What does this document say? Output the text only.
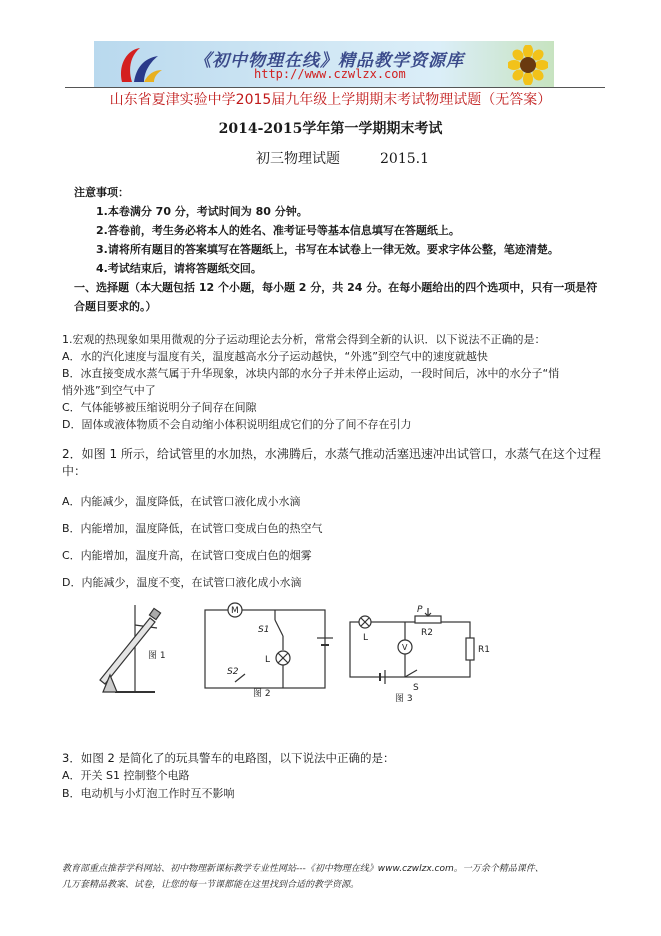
《初中物理在线》精品教学资源库
http://www.czwlzx.com
山东省夏津实验中学2015届九年级上学期期末考试物理试题（无答案）
2014-2015学年第一学期期末考试
初三物理试题	2015.1
注意事项：
1.本卷满分 70 分，考试时间为 80 分钟。
2.答卷前，考生务必将本人的姓名、准考证号等基本信息填写在答题纸上。
3.请将所有题目的答案填写在答题纸上，书写在本试卷上一律无效。要求字体公整，笔迹清楚。
4.考试结束后，请将答题纸交回。
一、选择题（本大题包括 12 个小题，每小题 2 分，共 24 分。在每小题给出的四个选项中，只有一项是符
合题目要求的。）
1.宏观的热现象如果用微观的分子运动理论去分析，常常会得到全新的认识．以下说法不正确的是：
A．水的汽化速度与温度有关，温度越高水分子运动越快，“外逃”到空气中的速度就越快
B．冰直接变成水蒸气属于升华现象，冰块内部的水分子并未停止运动，一段时间后，冰中的水分子“悄
悄外逃”到空气中了
C．气体能够被压缩说明分子间存在间隙
D．固体或液体物质不会自动缩小体积说明组成它们的分了间不存在引力
2．如图 1 所示，给试管里的水加热，水沸腾后，水蒸气推动活塞迅速冲出试管口，水蒸气在这个过程
中：
A．内能减少，温度降低，在试管口液化成小水滴
B．内能增加，温度降低，在试管口变成白色的热空气
C．内能增加，温度升高，在试管口变成白色的烟雾
D．内能减少，温度不变，在试管口液化成小水滴
图 1
M
S1
L
S2
图 2
L
P
R2
V	R1
S
图 3
3．如图 2 是简化了的玩具警车的电路图，以下说法中正确的是：
A．开关 S1 控制整个电路
B．电动机与小灯泡工作时互不影响
教育部重点推荐学科网站、初中物理新课标教学专业性网站---《初中物理在线》www.czwlzx.com。一万余个精品课件、
几万套精品教案、试卷，让您的每一节课都能在这里找到合适的教学资源。
